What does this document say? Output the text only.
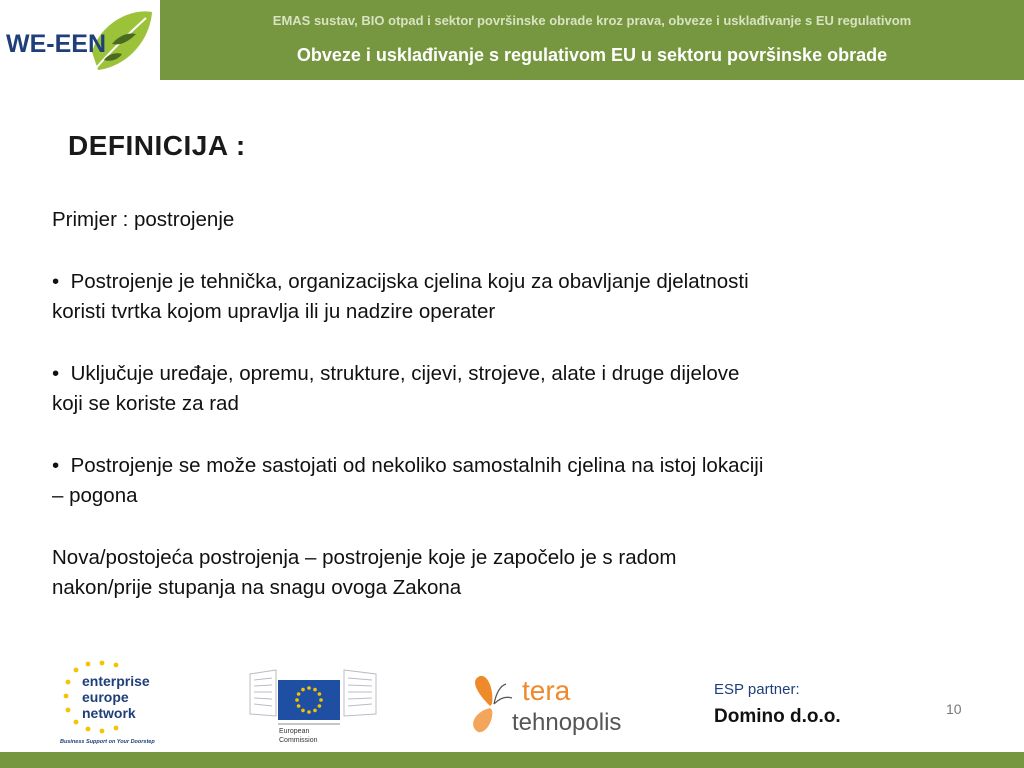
WE-EEN
EMAS sustav, BIO otpad i sektor površinske obrade kroz prava, obveze i usklađivanje s EU regulativom
Obveze i usklađivanje s regulativom EU u sektoru površinske obrade
DEFINICIJA :

Primjer : postrojenje

• Postrojenje je tehnička, organizacijska cjelina koju za obavljanje djelatnosti

koristi tvrtka kojom upravlja ili ju nadzire operater

• Uključuje uređaje, opremu, strukture, cijevi, strojeve, alate i druge dijelove

koji se koriste za rad

• Postrojenje se može sastojati od nekoliko samostalnih cjelina na istoj lokaciji

– pogona

Nova/postojeća postrojenja – postrojenje koje je započelo je s radom

nakon/prije stupanja na snagu ovoga Zakona

enterprise
europe
network
Business Support on Your Doorstep
European
Commission
tera
tehnopolis
ESP partner:
Domino d.o.o.	10
